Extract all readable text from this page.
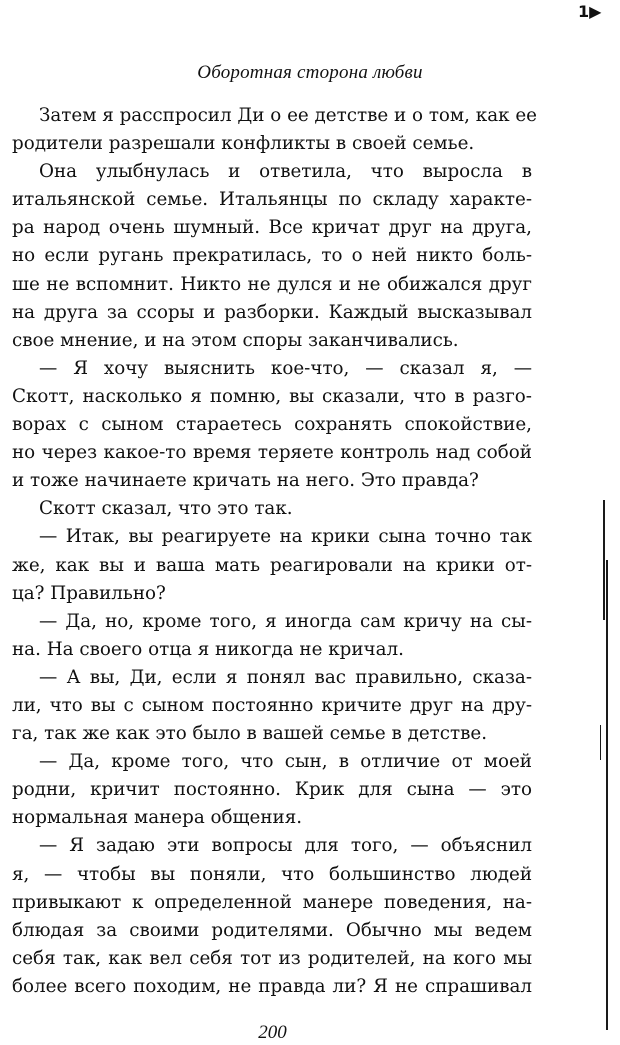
1▶
Оборотная сторона любви

Затем я расспросил Ди о ее детстве и о том, как ее
родители разрешали конфликты в своей семье.

Она улыбнулась и ответила, что выросла в
итальянской семье. Итальянцы по складу характе-
ра народ очень шумный. Все кричат друг на друга,
но если ругань прекратилась, то о ней никто боль-
ше не вспомнит. Никто не дулся и не обижался друг
на друга за ссоры и разборки. Каждый высказывал
свое мнение, и на этом споры заканчивались.

— Я хочу выяснить кое-что, — сказал я, —
Скотт, насколько я помню, вы сказали, что в разго-
ворах с сыном стараетесь сохранять спокойствие,
но через какое-то время теряете контроль над собой
и тоже начинаете кричать на него. Это правда?

Скотт сказал, что это так.

— Итак, вы реагируете на крики сына точно так
же, как вы и ваша мать реагировали на крики от-
ца? Правильно?

— Да, но, кроме того, я иногда сам кричу на сы-
на. На своего отца я никогда не кричал.

— А вы, Ди, если я понял вас правильно, сказа-
ли, что вы с сыном постоянно кричите друг на дру-
га, так же как это было в вашей семье в детстве.

— Да, кроме того, что сын, в отличие от моей
родни, кричит постоянно. Крик для сына — это
нормальная манера общения.

— Я задаю эти вопросы для того, — объяснил
я, — чтобы вы поняли, что большинство людей
привыкают к определенной манере поведения, на-
блюдая за своими родителями. Обычно мы ведем
себя так, как вел себя тот из родителей, на кого мы
более всего походим, не правда ли? Я не спрашивал

200
